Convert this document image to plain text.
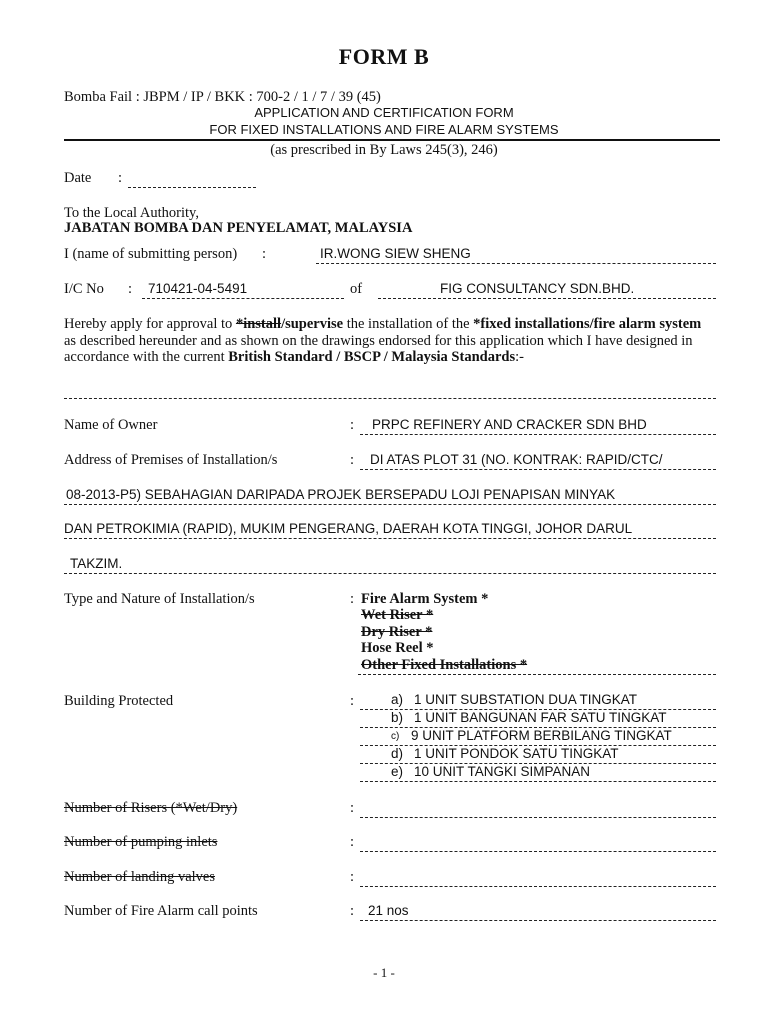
FORM B
Bomba Fail : JBPM / IP / BKK : 700-2 / 1 / 7 / 39 (45)
APPLICATION AND CERTIFICATION FORM
FOR FIXED INSTALLATIONS AND FIRE ALARM SYSTEMS
(as prescribed in By Laws 245(3), 246)
Date :
To the Local Authority,
JABATAN BOMBA DAN PENYELAMAT, MALAYSIA
I (name of submitting person) :	IR.WONG SIEW SHENG
I/C No : 710421-04-5491	of	FIG CONSULTANCY SDN.BHD.
Hereby apply for approval to *install/supervise the installation of the *fixed installations/fire alarm system as described hereunder and as shown on the drawings endorsed for this application which I have designed in accordance with the current British Standard / BSCP / Malaysia Standards:-
Name of Owner	: PRPC REFINERY AND CRACKER SDN BHD
Address of Premises of Installation/s	: DI ATAS PLOT 31 (NO. KONTRAK: RAPID/CTC/
08-2013-P5) SEBAHAGIAN DARIPADA PROJEK BERSEPADU LOJI PENAPISAN MINYAK
DAN PETROKIMIA (RAPID), MUKIM PENGERANG, DAERAH KOTA TINGGI, JOHOR DARUL
TAKZIM.
Type and Nature of Installation/s	: Fire Alarm System *
Wet Riser *
Dry Riser *
Hose Reel *
Other Fixed Installations *
Building Protected	:	a) 1 UNIT SUBSTATION DUA TINGKAT
b) 1 UNIT BANGUNAN FAR SATU TINGKAT
c) 9 UNIT PLATFORM BERBILANG TINGKAT
d) 1 UNIT PONDOK SATU TINGKAT
e) 10 UNIT TANGKI SIMPANAN
Number of Risers (*Wet/Dry)	:
Number of pumping inlets	:
Number of landing valves	:
Number of Fire Alarm call points	: 21 nos
- 1 -
